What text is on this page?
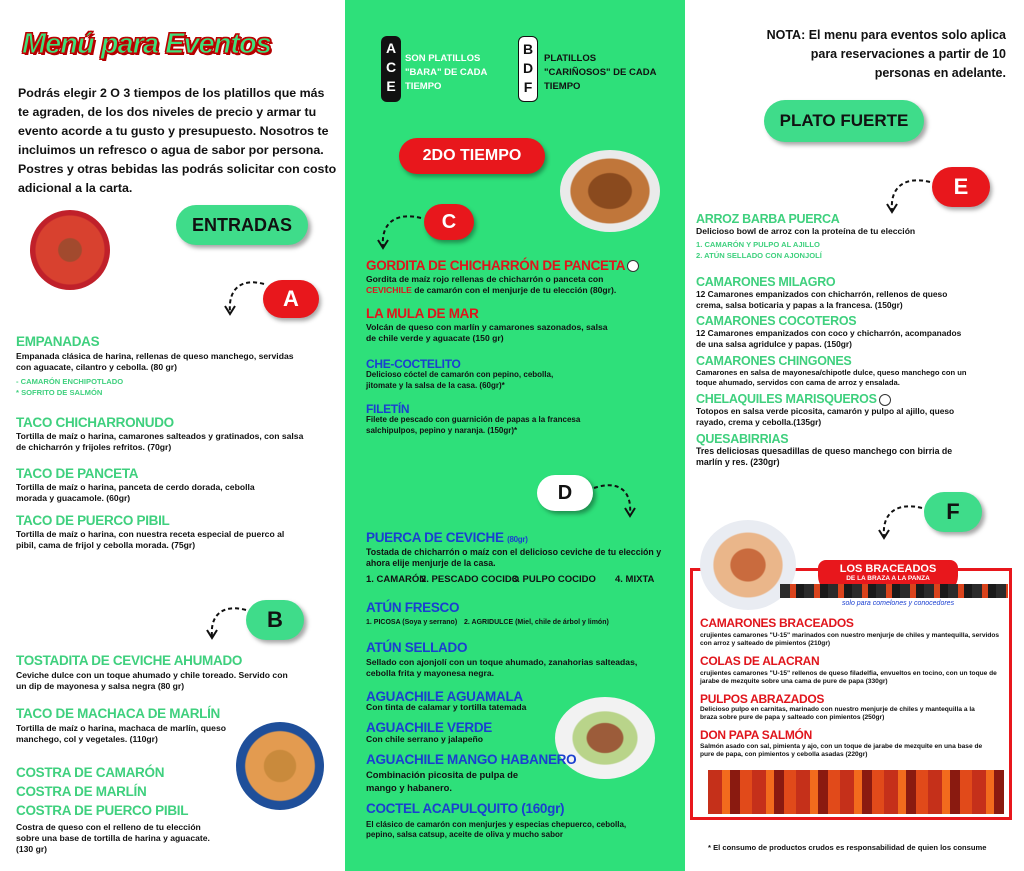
Menú para Eventos
Podrás elegir 2 O 3 tiempos de los platillos que más te agraden, de los dos niveles de precio y armar tu evento acorde a tu gusto y presupuesto. Nosotros te incluimos un refresco o agua de sabor por persona. Postres y otras bebidas las podrás solicitar con costo adicional a la carta.
ENTRADAS
A
EMPANADAS
Empanada clásica de harina, rellenas de queso manchego, servidas con aguacate, cilantro y cebolla. (80 gr)
- CAMARÓN ENCHIPOTLADO
* SOFRITO DE SALMÓN
TACO CHICHARRONUDO
Tortilla de maíz o harina, camarones salteados y gratinados, con salsa de chicharrón y frijoles refritos. (70gr)
TACO DE PANCETA
Tortilla de maíz o harina, panceta de cerdo dorada, cebolla morada y guacamole. (60gr)
TACO DE PUERCO PIBIL
Tortilla de maíz o harina, con nuestra receta especial de puerco al pibil, cama de frijol y cebolla morada. (75gr)
B
TOSTADITA DE CEVICHE AHUMADO
Ceviche dulce con un toque ahumado y chile toreado. Servido con un dip de mayonesa y salsa negra (80 gr)
TACO DE MACHACA DE MARLÍN
Tortilla de maíz o harina, machaca de marlín, queso manchego, col y vegetales. (110gr)
COSTRA DE CAMARÓN
COSTRA DE MARLÍN
COSTRA DE PUERCO PIBIL
Costra de queso con el relleno de tu elección sobre una base de tortilla de harina y aguacate. (130 gr)
A
C
E
SON PLATILLOS "BARA" DE CADA TIEMPO
B
D
F
PLATILLOS "CARIÑOSOS" DE CADA TIEMPO
2DO TIEMPO
C
GORDITA DE CHICHARRÓN DE PANCETA
Gordita de maíz rojo rellenas de chicharrón o panceta con
CEVICHILE de camarón con el menjurje de tu elección (80gr).
LA MULA DE MAR
Volcán de queso con marlín y camarones sazonados, salsa de chile verde y aguacate (150 gr)
CHE-COCTELITO
Delicioso cóctel de camarón con pepino, cebolla, jitomate y la salsa de la casa. (60gr)*
FILETÍN
Filete de pescado con guarnición de papas a la francesa salchipulpos, pepino y naranja. (150gr)*
D
PUERCA DE CEVICHE (80gr)
Tostada de chicharrón o maíz con el delicioso ceviche de tu elección y ahora elije menjurje de la casa.
1. CAMARÓN
2. PESCADO COCIDO
3. PULPO COCIDO 4. MIXTA
ATÚN FRESCO
1. PICOSA (Soya y serrano) 2. AGRIDULCE (Miel, chile de árbol y limón)
ATÚN SELLADO
Sellado con ajonjolí con un toque ahumado, zanahorias salteadas, cebolla frita y mayonesa negra.
AGUACHILE AGUAMALA
Con tinta de calamar y tortilla tatemada
AGUACHILE VERDE
Con chile serrano y jalapeño
AGUACHILE MANGO HABANERO
Combinación picosita de pulpa de mango y habanero.
COCTEL ACAPULQUITO (160gr)
El clásico de camarón con menjurjes y especias chepuerco, cebolla, pepino, salsa catsup, aceite de oliva y mucho sabor
NOTA: El menu para eventos solo aplica para reservaciones a partir de 10 personas en adelante.
PLATO FUERTE
E
ARROZ BARBA PUERCA
Delicioso bowl de arroz con la proteína de tu elección
1. CAMARÓN Y PULPO AL AJILLO
2. ATÚN SELLADO CON AJONJOLÍ
CAMARONES MILAGRO
12 Camarones empanizados con chicharrón, rellenos de queso crema, salsa boticaria y papas a la francesa. (150gr)
CAMARONES COCOTEROS
12 Camarones empanizados con coco y chicharrón, acompanados de una salsa agridulce y papas. (150gr)
CAMARONES CHINGONES
Camarones en salsa de mayonesa/chipotle dulce, queso manchego con un toque ahumado, servidos con cama de arroz y ensalada.
CHELAQUILES MARISQUEROS
Totopos en salsa verde picosita, camarón y pulpo al ajillo, queso rayado, crema y cebolla.(135gr)
QUESABIRRIAS
Tres deliciosas quesadillas de queso manchego con birria de marlín y res. (230gr)
F
LOS BRACEADOS
DE LA BRAZA A LA PANZA
solo para comelones y conocedores
CAMARONES BRACEADOS
crujientes camarones "U-15" marinados con nuestro menjurje de chiles y mantequilla, servidos con arroz y salteado de pimientos (210gr)
COLAS DE ALACRAN
crujientes camarones "U-15" rellenos de queso filadelfia, envueltos en tocino, con un toque de jarabe de mezquite sobre una cama de pure de papa (330gr)
PULPOS ABRAZADOS
Delicioso pulpo en carnitas, marinado con nuestro menjurje de chiles y mantequilla a la braza sobre pure de papa y salteado con pimientos (250gr)
DON PAPA SALMÓN
Salmón asado con sal, pimienta y ajo, con un toque de jarabe de mezquite en una base de pure de papa, con pimientos y cebolla asadas (220gr)
* El consumo de productos crudos es responsabilidad de quien los consume
